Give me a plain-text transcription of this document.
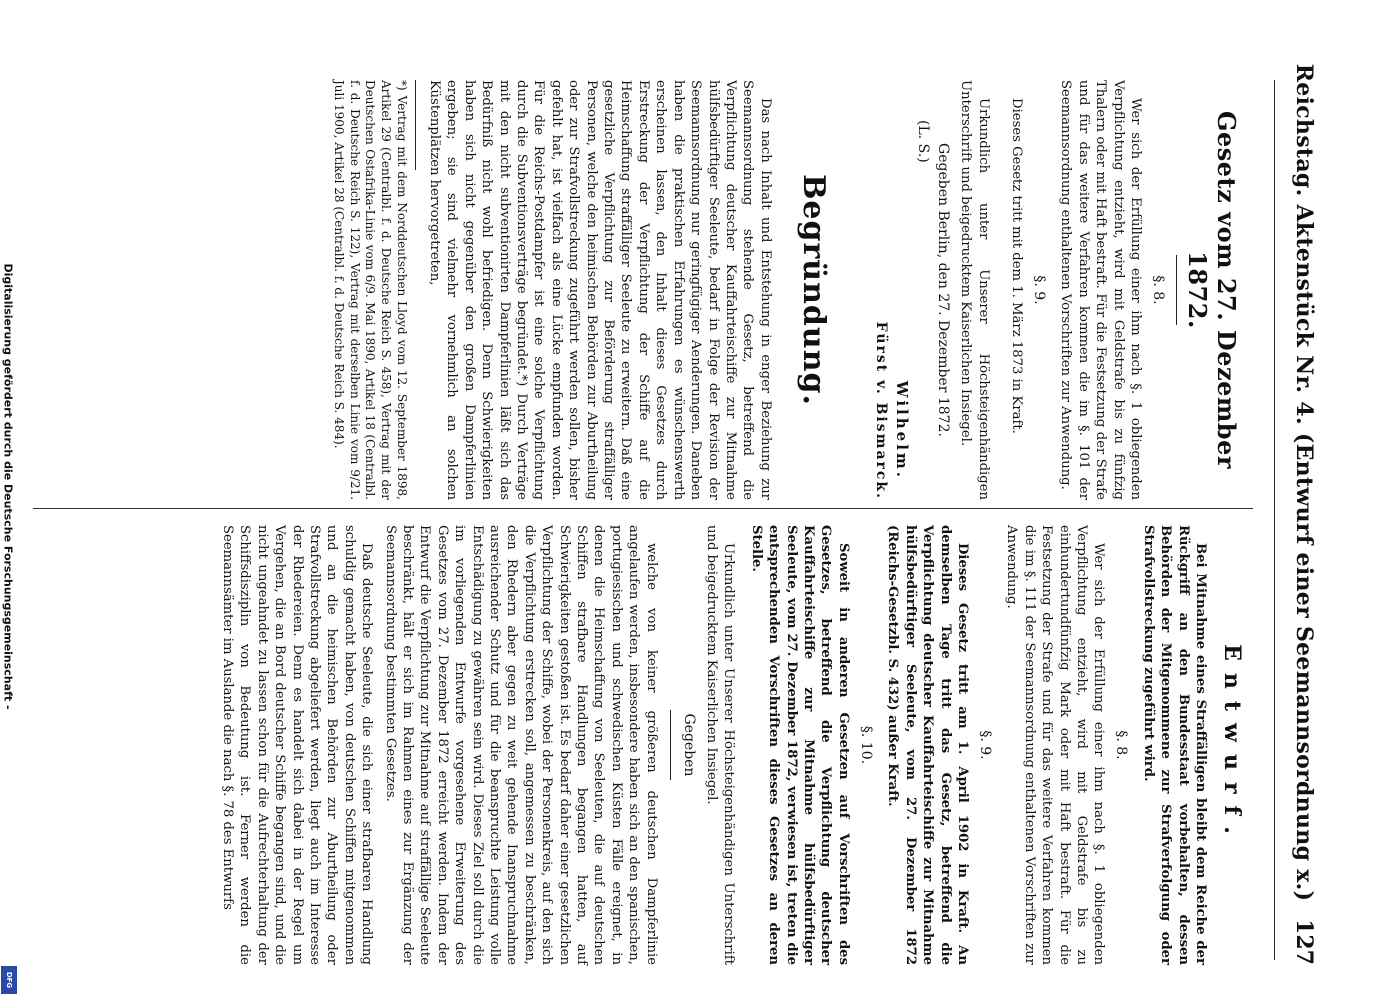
Reichstag. Aktenstück Nr. 4. (Entwurf einer Seemannsordnung x.)
127
Gesetz vom 27. Dezember 1872.
§. 8.

Wer sich der Erfüllung einer ihm nach §. 1 obliegenden Verpflichtung entzieht, wird mit Geldstrafe bis zu fünfzig Thalern oder mit Haft bestraft. Für die Festsetzung der Strafe und für das weitere Verfahren kommen die im §. 101 der Seemannsordnung enthaltenen Vorschriften zur Anwendung.

§. 9.

Dieses Gesetz tritt mit dem 1. März 1873 in Kraft.

Urkundlich unter Unserer Höchsteigenhändigen Unterschrift und beigedrucktem Kaiserlichen Insiegel.

Gegeben Berlin, den 27. Dezember 1872.
(L. S.)
Wilhelm.
Fürst v. Bismarck.
Begründung.

Das nach Inhalt und Entstehung in enger Beziehung zur Seemannsordnung stehende Gesetz, betreffend die Verpflichtung deutscher Kauffahrteischiffe zur Mitnahme hülfsbedürftiger Seeleute, bedarf in Folge der Revision der Seemannsordnung nur geringfügiger Aenderungen. Daneben haben die praktischen Erfahrungen es wünschenswerth erscheinen lassen, den Inhalt dieses Gesetzes durch Erstreckung der Verpflichtung der Schiffe auf die Heimschaffung straffälliger Seeleute zu erweitern. Daß eine gesetzliche Verpflichtung zur Beförderung straffälliger Personen, welche den heimischen Behörden zur Aburtheilung oder zur Strafvollstreckung zugeführt werden sollen, bisher gefehlt hat, ist vielfach als eine Lücke empfunden worden. Für die Reichs-Postdampfer ist eine solche Verpflichtung durch die Subventionsverträge begründet.*) Durch Verträge mit den nicht subventionirten Dampferlinien läßt sich das Bedürfniß nicht wohl befriedigen. Denn Schwierigkeiten haben sich nicht gegenüber den großen Dampferlinien ergeben; sie sind vielmehr vornehmlich an solchen Küstenplätzen hervorgetreten,

*) Vertrag mit dem Norddeutschen Lloyd vom 12. September 1898, Artikel 29 (Centralbl. f. d. Deutsche Reich S. 458), Vertrag mit der Deutschen Ostafrika-Linie vom 6/9. Mai 1890, Artikel 18 (Centralbl. f. d. Deutsche Reich S. 122), Vertrag mit derselben Linie vom 9/21. Juli 1900, Artikel 28 (Centralbl. f. d. Deutsche Reich S. 484).

Entwurf.

Bei Mitnahme eines Straffälligen bleibt dem Reiche der Rückgriff an den Bundesstaat vorbehalten, dessen Behörden der Mitgenommene zur Strafverfolgung oder Strafvollstreckung zugeführt wird.

§. 8.

Wer sich der Erfüllung einer ihm nach §. 1 obliegenden Verpflichtung entzieht, wird mit Geldstrafe bis zu einhundertundfünfzig Mark oder mit Haft bestraft. Für die Festsetzung der Strafe und für das weitere Verfahren kommen die im §. 111 der Seemannsordnung enthaltenen Vorschriften zur Anwendung.

§. 9.

Dieses Gesetz tritt am 1. April 1902 in Kraft. An demselben Tage tritt das Gesetz, betreffend die Verpflichtung deutscher Kauffahrteischiffe zur Mitnahme hülfsbedürftiger Seeleute, vom 27. Dezember 1872 (Reichs-Gesetzbl. S. 432) außer Kraft.

§. 10.

Soweit in anderen Gesetzen auf Vorschriften des Gesetzes, betreffend die Verpflichtung deutscher Kauffahrteischiffe zur Mitnahme hülfsbedürftiger Seeleute, vom 27. Dezember 1872, verwiesen ist, treten die entsprechenden Vorschriften dieses Gesetzes an deren Stelle.

Urkundlich unter Unserer Höchsteigenhändigen Unterschrift und beigedrucktem Kaiserlichen Insiegel.

Gegeben

welche von keiner größeren deutschen Dampferlinie angelaufen werden, insbesondere haben sich an den spanischen, portugiesischen und schwedischen Küsten Fälle ereignet, in denen die Heimschaffung von Seeleuten, die auf deutschen Schiffen strafbare Handlungen begangen hatten, auf Schwierigkeiten gestoßen ist. Es bedarf daher einer gesetzlichen Verpflichtung der Schiffe, wobei der Personenkreis, auf den sich die Verpflichtung erstrecken soll, angemessen zu beschränken, den Rhedern aber gegen zu weit gehende Inanspruchnahme ausreichender Schutz und für die beanspruchte Leistung volle Entschädigung zu gewähren sein wird. Dieses Ziel soll durch die im vorliegenden Entwurfe vorgesehene Erweiterung des Gesetzes vom 27. Dezember 1872 erreicht werden. Indem der Entwurf die Verpflichtung zur Mitnahme auf straffällige Seeleute beschränkt, hält er sich im Rahmen eines zur Ergänzung der Seemannsordnung bestimmten Gesetzes.

Daß deutsche Seeleute, die sich einer strafbaren Handlung schuldig gemacht haben, von deutschen Schiffen mitgenommen und an die heimischen Behörden zur Aburtheilung oder Strafvollstreckung abgeliefert werden, liegt auch im Interesse der Rhedereien. Denn es handelt sich dabei in der Regel um Vergehen, die an Bord deutscher Schiffe begangen sind, und die nicht ungeahndet zu lassen schon für die Aufrechterhaltung der Schiffsdisziplin von Bedeutung ist. Ferner werden die Seemannsämter im Auslande die nach §. 78 des Entwurfs

Digitalisierung gefördert durch die Deutsche Forschungsgemeinschaft -
DFG
